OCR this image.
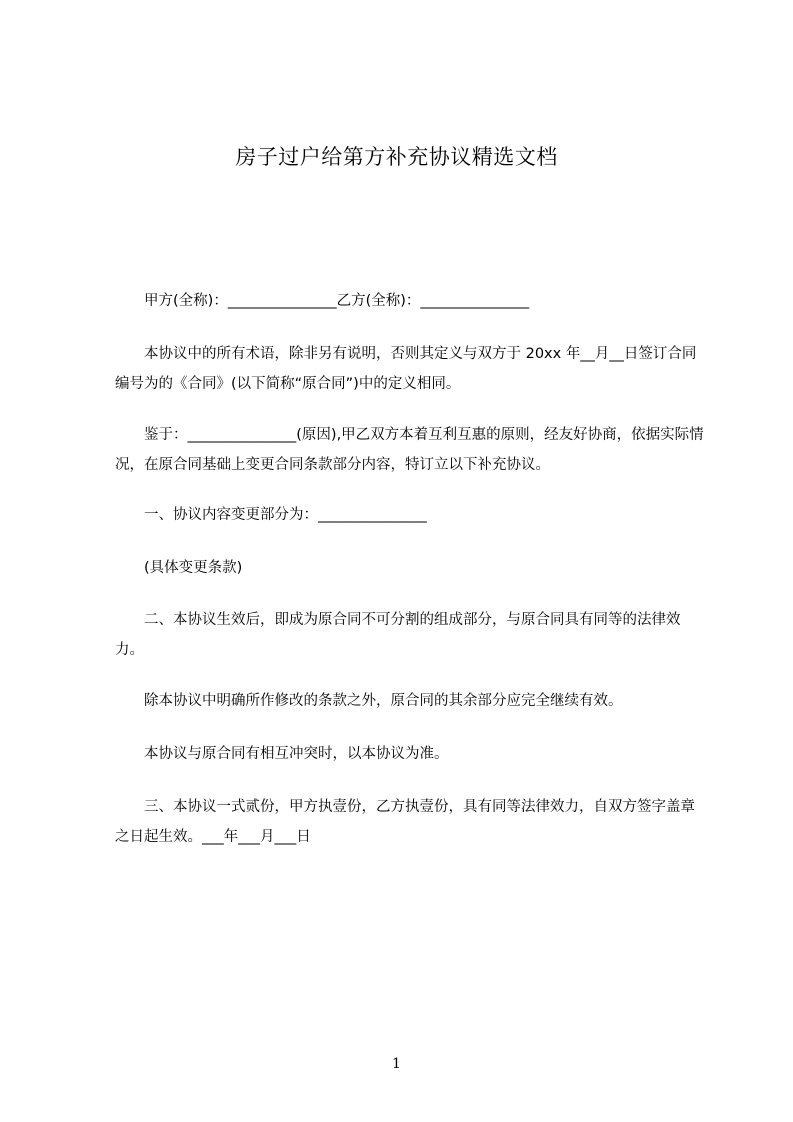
房子过户给第方补充协议精选文档
　　甲方(全称)：_______________乙方(全称)：_______________
　　本协议中的所有术语，除非另有说明，否则其定义与双方于 20xx 年__月__日签订合同编号为的《合同》(以下简称“原合同”)中的定义相同。
　　鉴于：_______________(原因),甲乙双方本着互利互惠的原则，经友好协商，依据实际情况，在原合同基础上变更合同条款部分内容，特订立以下补充协议。
　　一、协议内容变更部分为：_______________
　　(具体变更条款)
　　二、本协议生效后，即成为原合同不可分割的组成部分，与原合同具有同等的法律效力。
　　除本协议中明确所作修改的条款之外，原合同的其余部分应完全继续有效。
　　本协议与原合同有相互冲突时，以本协议为准。
　　三、本协议一式贰份，甲方执壹份，乙方执壹份，具有同等法律效力，自双方签字盖章之日起生效。___年___月___日
1
